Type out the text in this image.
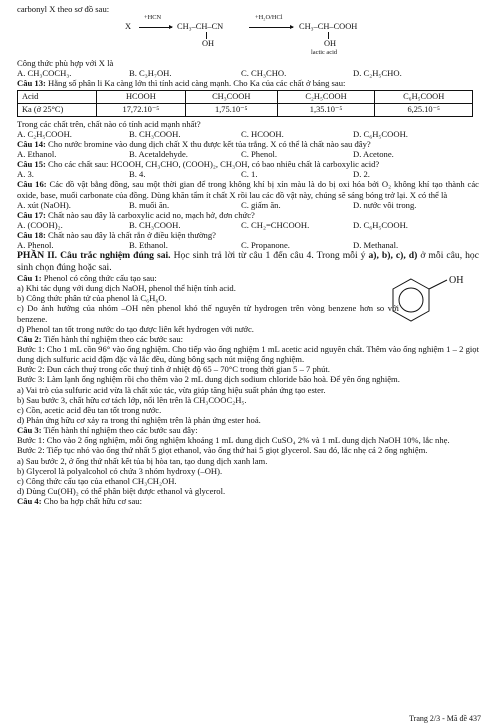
carbonyl X theo sơ đồ sau:
X
+HCN
CH₃–CH–CN
OH
+H₂O/HCl
CH₃–CH–COOH
OH
lactic acid
Công thức phù hợp với X là
A. CH₃COCH₃.	B. C₃H₇OH.	C. CH₃CHO.	D. C₂H₅CHO.
Câu 13: Hằng số phân li Ka càng lớn thì tính acid càng mạnh. Cho Ka của các chất ở bảng sau:
Acid	HCOOH	CH₃COOH	C₂H₅COOH	C₆H₅COOH
Ka (ở 25°C)	17,72.10⁻⁵	1,75.10⁻⁵	1,35.10⁻⁵	6,25.10⁻⁵
Trong các chất trên, chất nào có tính acid mạnh nhất?
A. C₂H₅COOH.	B. CH₃COOH.	C. HCOOH.	D. C₆H₅COOH.
Câu 14: Cho nước bromine vào dung dịch chất X thu được kết tủa trắng. X có thể là chất nào sau đây?
A. Ethanol.	B. Acetaldehyde.	C. Phenol.	D. Acetone.
Câu 15: Cho các chất sau: HCOOH, CH₃CHO, (COOH)₂, CH₃OH, có bao nhiêu chất là carboxylic acid?
A. 3.	B. 4.	C. 1.	D. 2.
Câu 16: Các đồ vật bằng đồng, sau một thời gian để trong không khí bị xỉn màu là do bị oxi hóa bởi O₂ không khí tạo thành các oxide, base, muối carbonate của đồng. Dùng khăn tẩm ít chất X rồi lau các đồ vật này, chúng sẽ sáng bóng trở lại. X có thể là
A. xút (NaOH).	B. muối ăn.	C. giấm ăn.	D. nước vôi trong.
Câu 17: Chất nào sau đây là carboxylic acid no, mạch hở, đơn chức?
A. (COOH)₂.	B. CH₃COOH.	C. CH₂=CHCOOH.	D. C₆H₅COOH.
Câu 18: Chất nào sau đây là chất rắn ở điều kiện thường?
A. Phenol.	B. Ethanol.	C. Propanone.	D. Methanal.
PHẦN II. Câu trắc nghiệm đúng sai. Học sinh trả lời từ câu 1 đến câu 4. Trong mỗi ý a), b), c), d) ở mỗi câu, học sinh chọn đúng hoặc sai.
OH
Câu 1: Phenol có công thức cấu tạo sau:
a) Khi tác dụng với dung dịch NaOH, phenol thể hiện tính acid.
b) Công thức phân tử của phenol là C₆H₆O.
c) Do ảnh hưởng của nhóm –OH nên phenol khó thế nguyên tử hydrogen trên vòng benzene hơn so với benzene.
d) Phenol tan tốt trong nước do tạo được liên kết hydrogen với nước.
Câu 2: Tiến hành thí nghiệm theo các bước sau:
Bước 1: Cho 1 mL cồn 96° vào ống nghiệm. Cho tiếp vào ống nghiệm 1 mL acetic acid nguyên chất. Thêm vào ống nghiệm 1 – 2 giọt dung dịch sulfuric acid đậm đặc và lắc đều, dùng bông sạch nút miệng ống nghiệm.
Bước 2: Đun cách thuỷ trong cốc thuỷ tinh ở nhiệt độ 65 – 70°C trong thời gian 5 – 7 phút.
Bước 3: Làm lạnh ống nghiệm rồi cho thêm vào 2 mL dung dịch sodium chloride bão hoà. Để yên ống nghiệm.
a) Vai trò của sulfuric acid vừa là chất xúc tác, vừa giúp tăng hiệu suất phản ứng tạo ester.
b) Sau bước 3, chất hữu cơ tách lớp, nổi lên trên là CH₃COOC₂H₅.
c) Cồn, acetic acid đều tan tốt trong nước.
d) Phản ứng hữu cơ xảy ra trong thí nghiệm trên là phản ứng ester hoá.
Câu 3: Tiến hành thí nghiệm theo các bước sau đây:
Bước 1: Cho vào 2 ống nghiệm, mỗi ống nghiệm khoảng 1 mL dung dịch CuSO₄ 2% và 1 mL dung dịch NaOH 10%, lắc nhẹ.
Bước 2: Tiếp tục nhỏ vào ống thứ nhất 5 giọt ethanol, vào ống thứ hai 5 giọt glycerol. Sau đó, lắc nhẹ cả 2 ống nghiệm.
a) Sau bước 2, ở ống thứ nhất kết tủa bị hòa tan, tạo dung dịch xanh lam.
b) Glycerol là polyalcohol có chứa 3 nhóm hydroxy (–OH).
c) Công thức cấu tạo của ethanol CH₃CH₂OH.
d) Dùng Cu(OH)₂ có thể phân biệt được ethanol và glycerol.
Câu 4: Cho ba hợp chất hữu cơ sau:
Trang 2/3 - Mã đề 437
